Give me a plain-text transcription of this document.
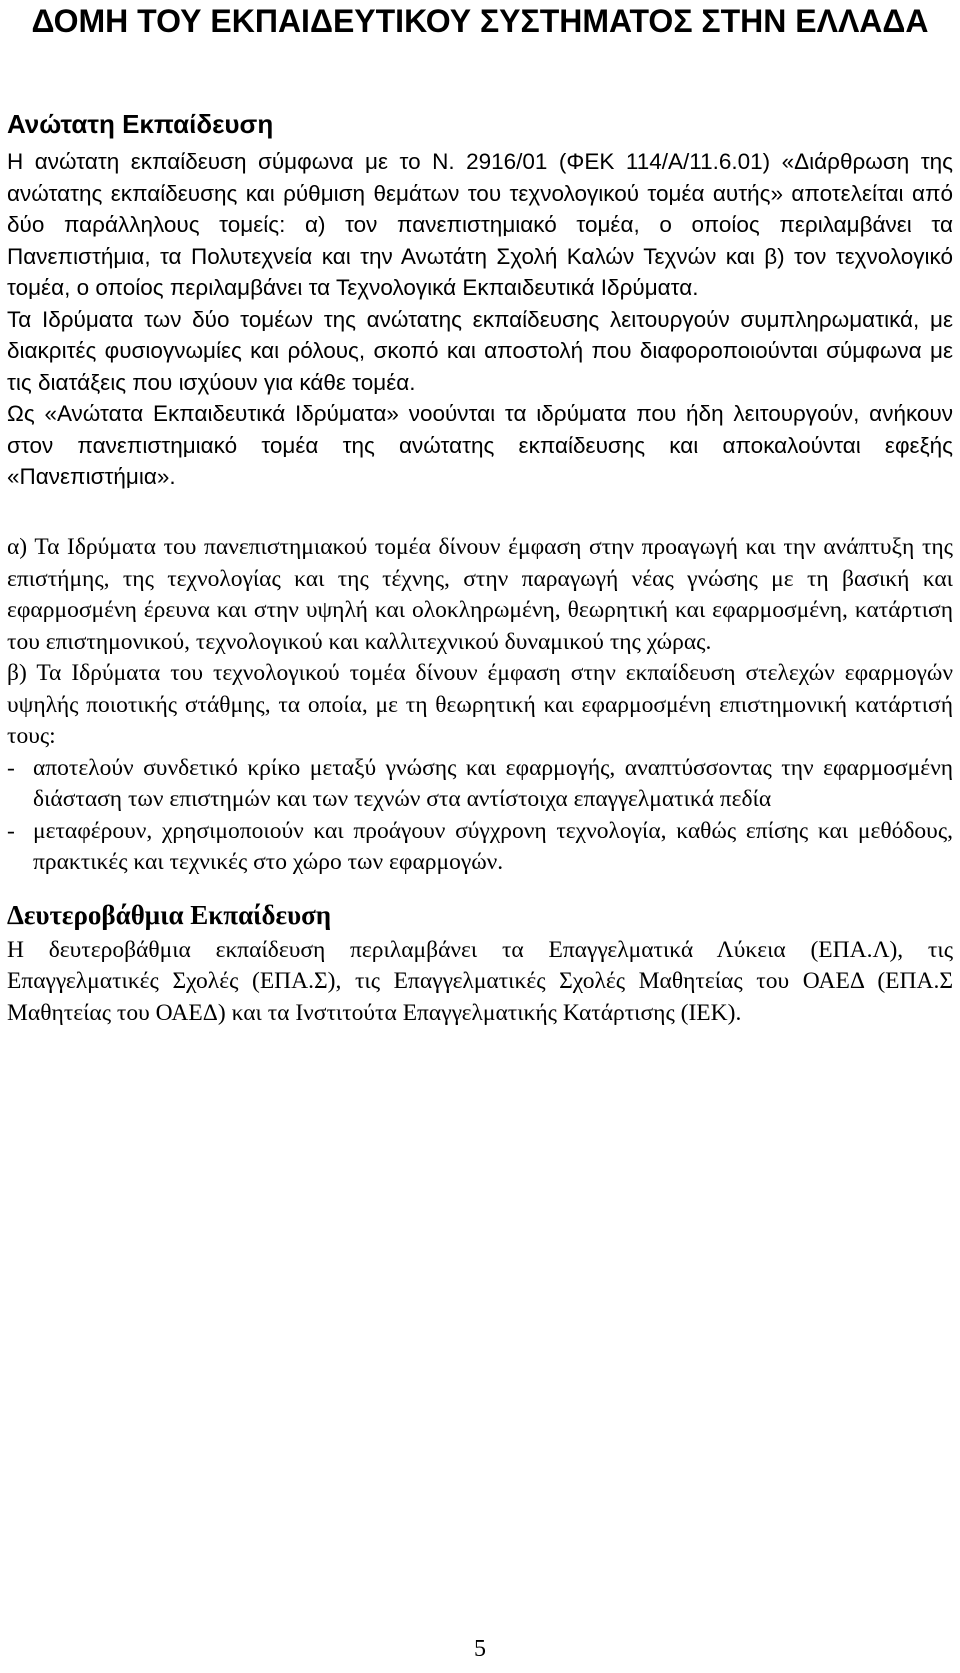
ΔΟΜΗ ΤΟΥ ΕΚΠΑΙΔΕΥΤΙΚΟΥ ΣΥΣΤΗΜΑΤΟΣ ΣΤΗΝ ΕΛΛΑΔΑ
Ανώτατη Εκπαίδευση

Η ανώτατη εκπαίδευση σύμφωνα με το Ν. 2916/01 (ΦΕΚ 114/Α/11.6.01) «Διάρθρωση της ανώτατης εκπαίδευσης και ρύθμιση θεμάτων του τεχνολογικού τομέα αυτής» αποτελείται από δύο παράλληλους τομείς: α) τον πανεπιστημιακό τομέα, ο οποίος περιλαμβάνει τα Πανεπιστήμια, τα Πολυτεχνεία και την Ανωτάτη Σχολή Καλών Τεχνών και β) τον τεχνολογικό τομέα, ο οποίος περιλαμβάνει τα Τεχνολογικά Εκπαιδευτικά Ιδρύματα.

Τα Ιδρύματα των δύο τομέων της ανώτατης εκπαίδευσης λειτουργούν συμπληρωματικά, με διακριτές φυσιογνωμίες και ρόλους, σκοπό και αποστολή που διαφοροποιούνται σύμφωνα με τις διατάξεις που ισχύουν για κάθε τομέα.

Ως «Ανώτατα Εκπαιδευτικά Ιδρύματα» νοούνται τα ιδρύματα που ήδη λειτουργούν, ανήκουν στον πανεπιστημιακό τομέα της ανώτατης εκπαίδευσης και αποκαλούνται εφεξής «Πανεπιστήμια».

α) Τα Ιδρύματα του πανεπιστημιακού τομέα δίνουν έμφαση στην προαγωγή και την ανάπτυξη της επιστήμης, της τεχνολογίας και της τέχνης, στην παραγωγή νέας γνώσης με τη βασική και εφαρμοσμένη έρευνα και στην υψηλή και ολοκληρωμένη, θεωρητική και εφαρμοσμένη, κατάρτιση του επιστημονικού, τεχνολογικού και καλλιτεχνικού δυναμικού της χώρας.

β) Τα Ιδρύματα του τεχνολογικού τομέα δίνουν έμφαση στην εκπαίδευση στελεχών εφαρμογών υψηλής ποιοτικής στάθμης, τα οποία, με τη θεωρητική και εφαρμοσμένη επιστημονική κατάρτισή τους:

- αποτελούν συνδετικό κρίκο μεταξύ γνώσης και εφαρμογής, αναπτύσσοντας την εφαρμοσμένη διάσταση των επιστημών και των τεχνών στα αντίστοιχα επαγγελματικά πεδία
- μεταφέρουν, χρησιμοποιούν και προάγουν σύγχρονη τεχνολογία, καθώς επίσης και μεθόδους, πρακτικές και τεχνικές στο χώρο των εφαρμογών.
Δευτεροβάθμια Εκπαίδευση

Η δευτεροβάθμια εκπαίδευση περιλαμβάνει τα Επαγγελματικά Λύκεια (ΕΠΑ.Λ), τις Επαγγελματικές Σχολές (ΕΠΑ.Σ), τις Επαγγελματικές Σχολές Μαθητείας του ΟΑΕΔ (ΕΠΑ.Σ Μαθητείας του ΟΑΕΔ) και τα Ινστιτούτα Επαγγελματικής Κατάρτισης (ΙΕΚ).

5
